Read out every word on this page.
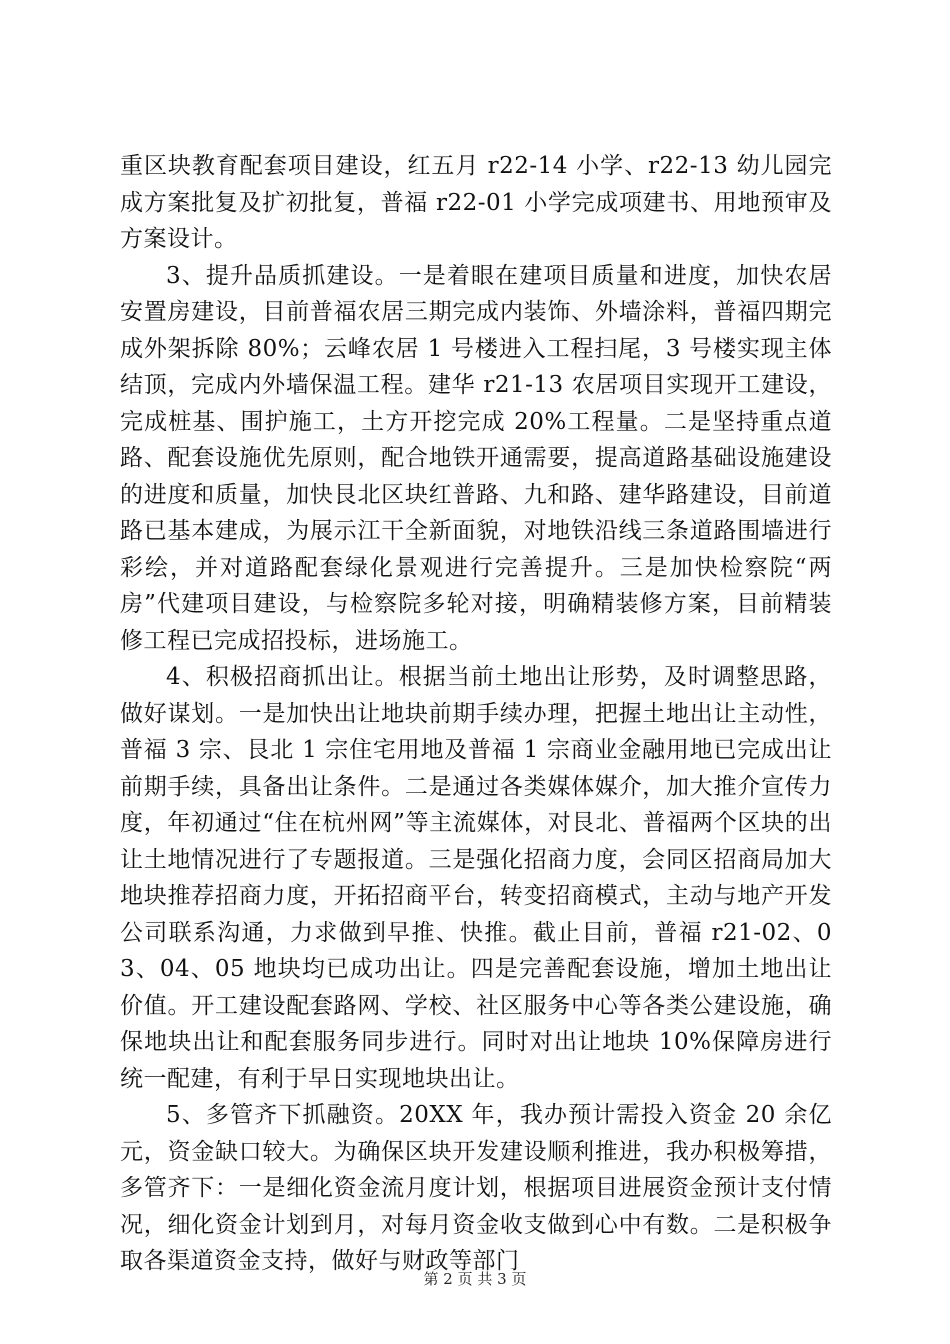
重区块教育配套项目建设，红五月 r22-14 小学、r22-13 幼儿园完成方案批复及扩初批复，普福 r22-01 小学完成项建书、用地预审及方案设计。

3、提升品质抓建设。一是着眼在建项目质量和进度，加快农居安置房建设，目前普福农居三期完成内装饰、外墙涂料，普福四期完成外架拆除 80%；云峰农居 1 号楼进入工程扫尾，3 号楼实现主体结顶，完成内外墙保温工程。建华 r21-13 农居项目实现开工建设，完成桩基、围护施工，土方开挖完成 20%工程量。二是坚持重点道路、配套设施优先原则，配合地铁开通需要，提高道路基础设施建设的进度和质量，加快艮北区块红普路、九和路、建华路建设，目前道路已基本建成，为展示江干全新面貌，对地铁沿线三条道路围墙进行彩绘，并对道路配套绿化景观进行完善提升。三是加快检察院“两房”代建项目建设，与检察院多轮对接，明确精装修方案，目前精装修工程已完成招投标，进场施工。

4、积极招商抓出让。根据当前土地出让形势，及时调整思路，做好谋划。一是加快出让地块前期手续办理，把握土地出让主动性，普福 3 宗、艮北 1 宗住宅用地及普福 1 宗商业金融用地已完成出让前期手续，具备出让条件。二是通过各类媒体媒介，加大推介宣传力度，年初通过“住在杭州网”等主流媒体，对艮北、普福两个区块的出让土地情况进行了专题报道。三是强化招商力度，会同区招商局加大地块推荐招商力度，开拓招商平台，转变招商模式，主动与地产开发公司联系沟通，力求做到早推、快推。截止目前，普福 r21-02、03、04、05 地块均已成功出让。四是完善配套设施，增加土地出让价值。开工建设配套路网、学校、社区服务中心等各类公建设施，确保地块出让和配套服务同步进行。同时对出让地块 10%保障房进行统一配建，有利于早日实现地块出让。

5、多管齐下抓融资。20XX 年，我办预计需投入资金 20 余亿元，资金缺口较大。为确保区块开发建设顺利推进，我办积极筹措，多管齐下：一是细化资金流月度计划，根据项目进展资金预计支付情况，细化资金计划到月，对每月资金收支做到心中有数。二是积极争取各渠道资金支持，做好与财政等部门

第 2 页 共 3 页
